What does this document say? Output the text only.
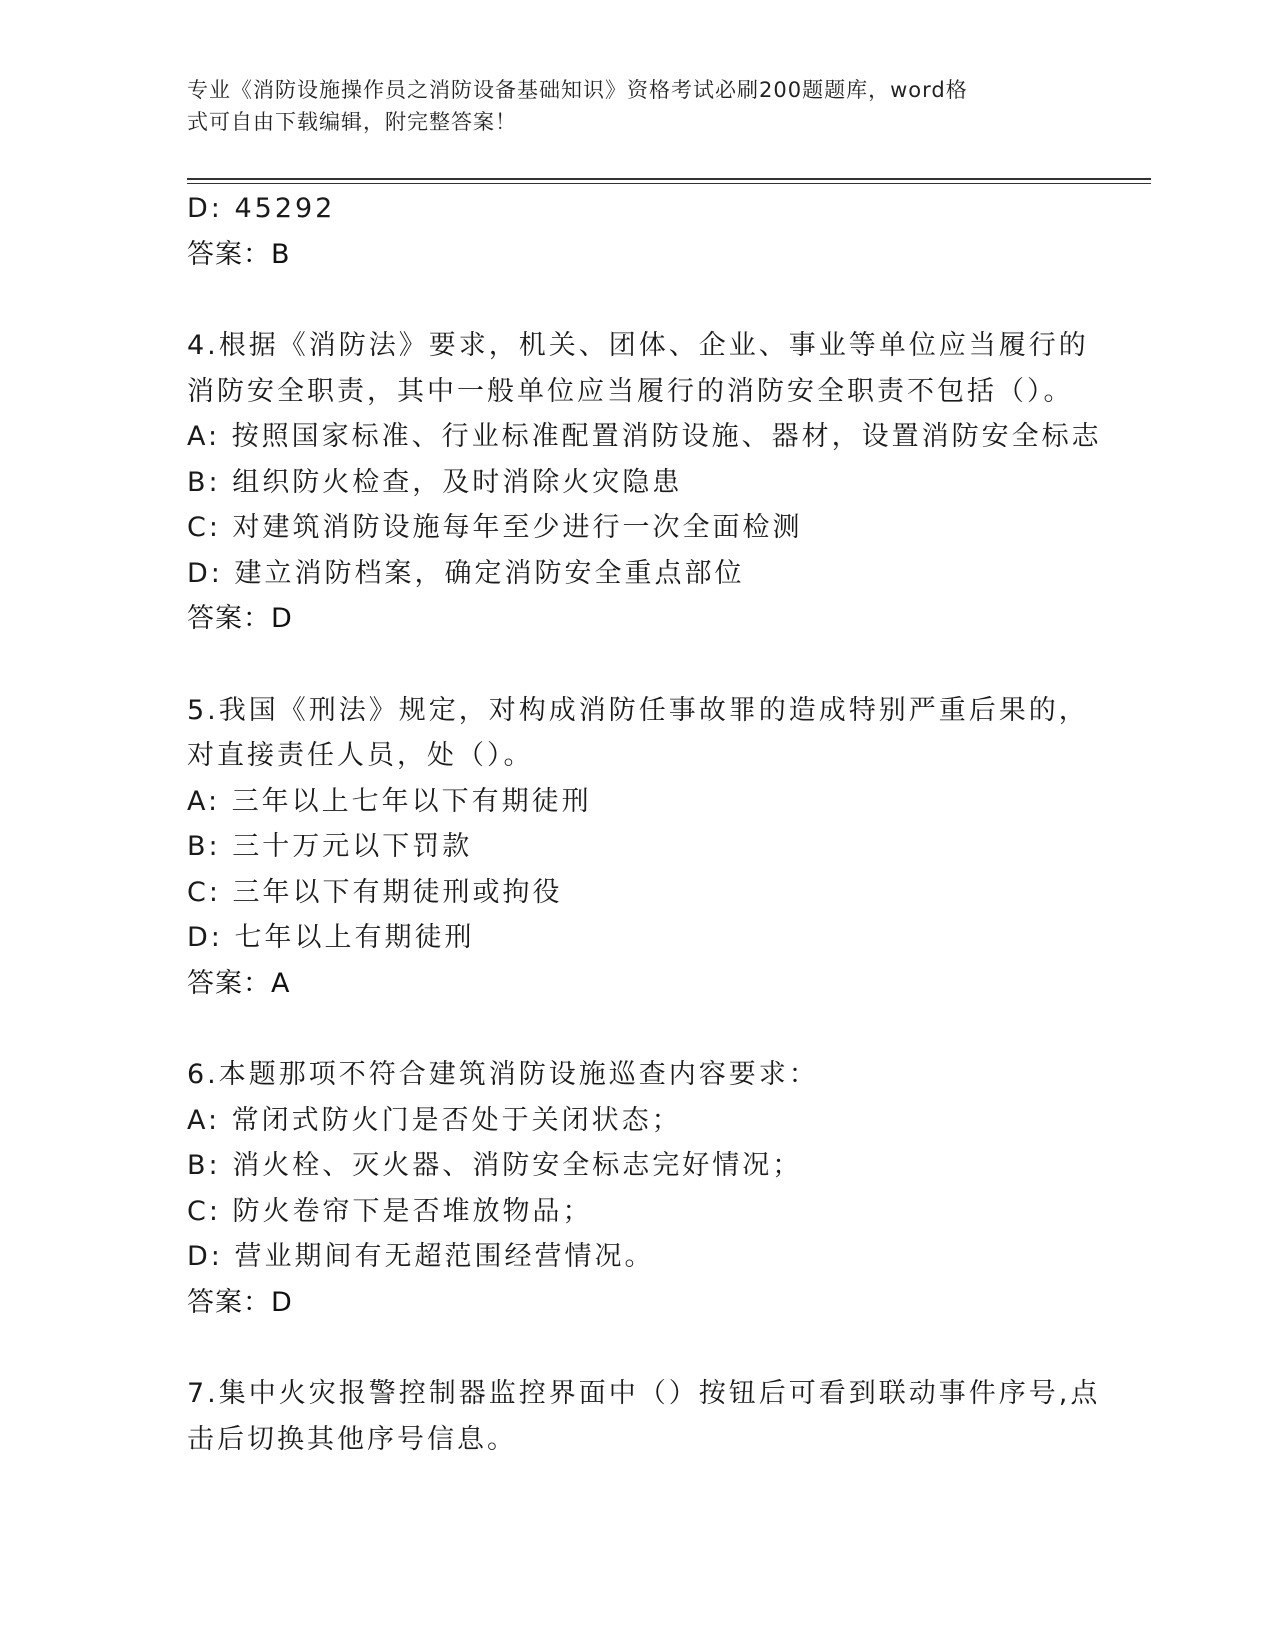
专业《消防设施操作员之消防设备基础知识》资格考试必刷200题题库，word格
式可自由下载编辑，附完整答案！
D: 45292
答案：B
4.根据《消防法》要求，机关、团体、企业、事业等单位应当履行的
消防安全职责，其中一般单位应当履行的消防安全职责不包括（）。
A: 按照国家标准、行业标准配置消防设施、器材，设置消防安全标志
B: 组织防火检查，及时消除火灾隐患
C: 对建筑消防设施每年至少进行一次全面检测
D: 建立消防档案，确定消防安全重点部位
答案：D
5.我国《刑法》规定，对构成消防任事故罪的造成特别严重后果的，
对直接责任人员，处（）。
A: 三年以上七年以下有期徒刑
B: 三十万元以下罚款
C: 三年以下有期徒刑或拘役
D: 七年以上有期徒刑
答案：A
6.本题那项不符合建筑消防设施巡查内容要求：
A: 常闭式防火门是否处于关闭状态；
B: 消火栓、灭火器、消防安全标志完好情况；
C: 防火卷帘下是否堆放物品；
D: 营业期间有无超范围经营情况。
答案：D
7.集中火灾报警控制器监控界面中（）按钮后可看到联动事件序号,点
击后切换其他序号信息。
